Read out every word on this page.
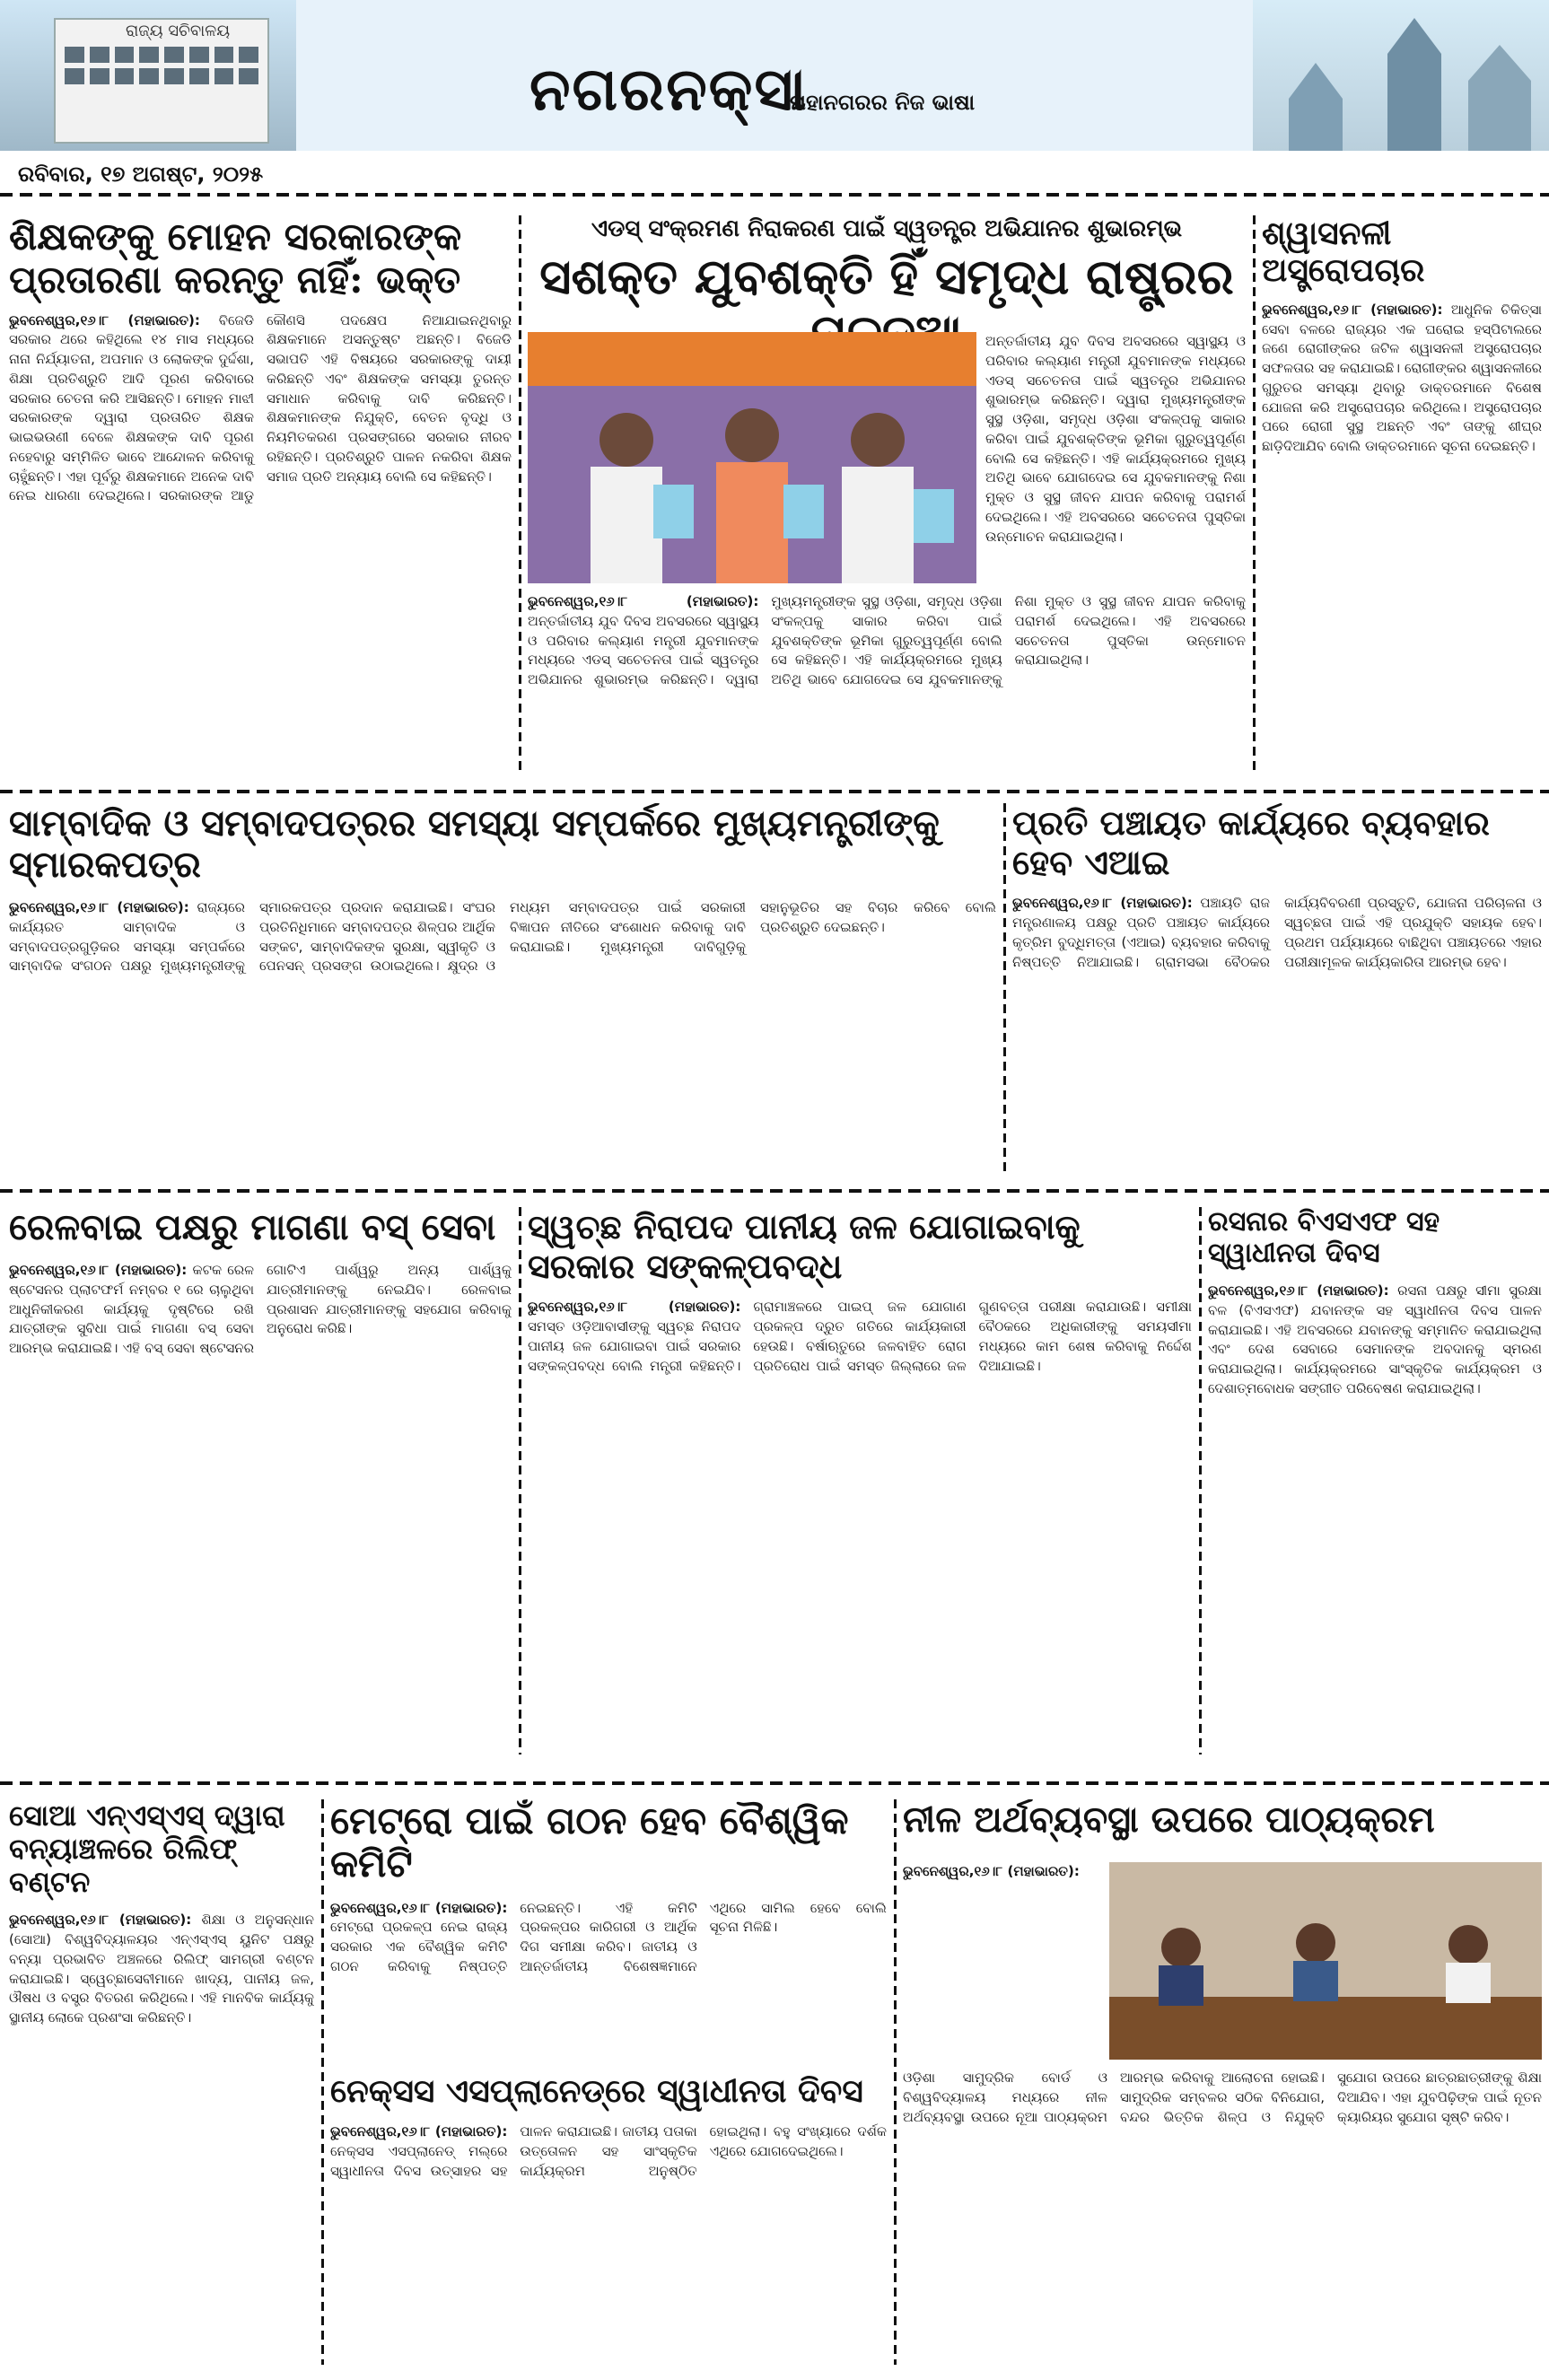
ରାଜ୍ୟ ସଚିବାଳୟ
ନଗରନକ୍ସା
ମହାନଗରର ନିଜ ଭାଷା
ରବିବାର, ୧୭ ଅଗଷ୍ଟ, ୨୦୨୫
ଶିକ୍ଷକଙ୍କୁ ମୋହନ ସରକାରଙ୍କ ପ୍ରତାରଣା କରନ୍ତୁ ନାହିଁ: ଭକ୍ତ
ଭୁବନେଶ୍ୱର,୧୬।୮ (ମହାଭାରତ): ବିଜେଡି ସରକାର ଥରେ କହିଥିଲେ ୧୪ ମାସ ମଧ୍ୟରେ ନାନା ନିର୍ଯ୍ୟାତନା, ଅପମାନ ଓ ଲୋକଙ୍କ ଦୁର୍ଦ୍ଦଶା, ଶିକ୍ଷା ପ୍ରତିଶ୍ରୁତି ଆଦି ପୂରଣ କରିବାରେ ସରକାର ଚେତନା କରି ଆସିଛନ୍ତି। ମୋହନ ମାଝୀ ସରକାରଙ୍କ ଦ୍ୱାରା ପ୍ରତାରିତ ଶିକ୍ଷକ ଭାଇଭଉଣୀ ବେଳେ ଶିକ୍ଷକଙ୍କ ଦାବି ପୂରଣ ନହେବାରୁ ସମ୍ମିଳିତ ଭାବେ ଆନ୍ଦୋଳନ କରିବାକୁ ଚାହୁଁଛନ୍ତି। ଏହା ପୂର୍ବରୁ ଶିକ୍ଷକମାନେ ଅନେକ ଦାବି ନେଇ ଧାରଣା ଦେଇଥିଲେ। ସରକାରଙ୍କ ଆଡୁ କୌଣସି ପଦକ୍ଷେପ ନିଆଯାଇନଥିବାରୁ ଶିକ୍ଷକମାନେ ଅସନ୍ତୁଷ୍ଟ ଅଛନ୍ତି। ବିଜେଡି ସଭାପତି ଏହି ବିଷୟରେ ସରକାରଙ୍କୁ ଦାୟୀ କରିଛନ୍ତି ଏବଂ ଶିକ୍ଷକଙ୍କ ସମସ୍ୟା ତୁରନ୍ତ ସମାଧାନ କରିବାକୁ ଦାବି କରିଛନ୍ତି। ଶିକ୍ଷକମାନଙ୍କ ନିଯୁକ୍ତି, ବେତନ ବୃଦ୍ଧି ଓ ନିୟମିତକରଣ ପ୍ରସଙ୍ଗରେ ସରକାର ନୀରବ ରହିଛନ୍ତି। ପ୍ରତିଶ୍ରୁତି ପାଳନ ନକରିବା ଶିକ୍ଷକ ସମାଜ ପ୍ରତି ଅନ୍ୟାୟ ବୋଲି ସେ କହିଛନ୍ତି।
ଏଡସ୍ ସଂକ୍ରମଣ ନିରାକରଣ ପାଇଁ ସ୍ୱତନ୍ତ୍ର ଅଭିଯାନର ଶୁଭାରମ୍ଭ
ସଶକ୍ତ ଯୁବଶକ୍ତି ହିଁ ସମୃଦ୍ଧ ରାଷ୍ଟ୍ରର
ଅନ୍ତର୍ଜାତୀୟ ଯୁବ ଦିବସ ଅବସରରେ ସ୍ୱାସ୍ଥ୍ୟ ଓ ପରିବାର କଲ୍ୟାଣ ମନ୍ତ୍ରୀ ଯୁବମାନଙ୍କ ମଧ୍ୟରେ ଏଡସ୍ ସଚେତନତା ପାଇଁ ସ୍ୱତନ୍ତ୍ର ଅଭିଯାନର ଶୁଭାରମ୍ଭ କରିଛନ୍ତି। ଦ୍ୱାରା ମୁଖ୍ୟମନ୍ତ୍ରୀଙ୍କ ସୁସ୍ଥ ଓଡ଼ିଶା, ସମୃଦ୍ଧ ଓଡ଼ିଶା ସଂକଳ୍ପକୁ ସାକାର କରିବା ପାଇଁ ଯୁବଶକ୍ତିଙ୍କ ଭୂମିକା ଗୁରୁତ୍ୱପୂର୍ଣ୍ଣ ବୋଲି ସେ କହିଛନ୍ତି। ଏହି କାର୍ଯ୍ୟକ୍ରମରେ ମୁଖ୍ୟ ଅତିଥି ଭାବେ ଯୋଗଦେଇ ସେ ଯୁବକମାନଙ୍କୁ ନିଶା ମୁକ୍ତ ଓ ସୁସ୍ଥ ଜୀବନ ଯାପନ କରିବାକୁ ପରାମର୍ଶ ଦେଇଥିଲେ। ଏହି ଅବସରରେ ସଚେତନତା ପୁସ୍ତିକା ଉନ୍ମୋଚନ କରାଯାଇଥିଲା।
ଭୁବନେଶ୍ୱର,୧୬।୮ (ମହାଭାରତ): ଅନ୍ତର୍ଜାତୀୟ ଯୁବ ଦିବସ ଅବସରରେ ସ୍ୱାସ୍ଥ୍ୟ ଓ ପରିବାର କଲ୍ୟାଣ ମନ୍ତ୍ରୀ ଯୁବମାନଙ୍କ ମଧ୍ୟରେ ଏଡସ୍ ସଚେତନତା ପାଇଁ ସ୍ୱତନ୍ତ୍ର ଅଭିଯାନର ଶୁଭାରମ୍ଭ କରିଛନ୍ତି। ଦ୍ୱାରା ମୁଖ୍ୟମନ୍ତ୍ରୀଙ୍କ ସୁସ୍ଥ ଓଡ଼ିଶା, ସମୃଦ୍ଧ ଓଡ଼ିଶା ସଂକଳ୍ପକୁ ସାକାର କରିବା ପାଇଁ ଯୁବଶକ୍ତିଙ୍କ ଭୂମିକା ଗୁରୁତ୍ୱପୂର୍ଣ୍ଣ ବୋଲି ସେ କହିଛନ୍ତି। ଏହି କାର୍ଯ୍ୟକ୍ରମରେ ମୁଖ୍ୟ ଅତିଥି ଭାବେ ଯୋଗଦେଇ ସେ ଯୁବକମାନଙ୍କୁ ନିଶା ମୁକ୍ତ ଓ ସୁସ୍ଥ ଜୀବନ ଯାପନ କରିବାକୁ ପରାମର୍ଶ ଦେଇଥିଲେ। ଏହି ଅବସରରେ ସଚେତନତା ପୁସ୍ତିକା ଉନ୍ମୋଚନ କରାଯାଇଥିଲା।
ଶ୍ୱାସନଳୀ ଅସ୍ତ୍ରୋପଚାର
ଭୁବନେଶ୍ୱର,୧୬।୮ (ମହାଭାରତ): ଆଧୁନିକ ଚିକିତ୍ସା ସେବା ବଳରେ ରାଜ୍ୟର ଏକ ଘରୋଇ ହସ୍ପିଟାଲରେ ଜଣେ ରୋଗୀଙ୍କର ଜଟିଳ ଶ୍ୱାସନଳୀ ଅସ୍ତ୍ରୋପଚାର ସଫଳତାର ସହ କରାଯାଇଛି। ରୋଗୀଙ୍କର ଶ୍ୱାସନଳୀରେ ଗୁରୁତର ସମସ୍ୟା ଥିବାରୁ ଡାକ୍ତରମାନେ ବିଶେଷ ଯୋଜନା କରି ଅସ୍ତ୍ରୋପଚାର କରିଥିଲେ। ଅସ୍ତ୍ରୋପଚାର ପରେ ରୋଗୀ ସୁସ୍ଥ ଅଛନ୍ତି ଏବଂ ତାଙ୍କୁ ଶୀଘ୍ର ଛାଡ଼ିଦିଆଯିବ ବୋଲି ଡାକ୍ତରମାନେ ସୂଚନା ଦେଇଛନ୍ତି।
ସାମ୍ବାଦିକ ଓ ସମ୍ବାଦପତ୍ରର ସମସ୍ୟା ସମ୍ପର୍କରେ ମୁଖ୍ୟମନ୍ତ୍ରୀଙ୍କୁ ସ୍ମାରକପତ୍ର
ଭୁବନେଶ୍ୱର,୧୬।୮ (ମହାଭାରତ): ରାଜ୍ୟରେ କାର୍ଯ୍ୟରତ ସାମ୍ବାଦିକ ଓ ସମ୍ବାଦପତ୍ରଗୁଡ଼ିକର ସମସ୍ୟା ସମ୍ପର୍କରେ ସାମ୍ବାଦିକ ସଂଗଠନ ପକ୍ଷରୁ ମୁଖ୍ୟମନ୍ତ୍ରୀଙ୍କୁ ସ୍ମାରକପତ୍ର ପ୍ରଦାନ କରାଯାଇଛି। ସଂଘର ପ୍ରତିନିଧିମାନେ ସମ୍ବାଦପତ୍ର ଶିଳ୍ପର ଆର୍ଥିକ ସଙ୍କଟ, ସାମ୍ବାଦିକଙ୍କ ସୁରକ୍ଷା, ସ୍ୱୀକୃତି ଓ ପେନସନ୍ ପ୍ରସଙ୍ଗ ଉଠାଇଥିଲେ। କ୍ଷୁଦ୍ର ଓ ମଧ୍ୟମ ସମ୍ବାଦପତ୍ର ପାଇଁ ସରକାରୀ ବିଜ୍ଞାପନ ନୀତିରେ ସଂଶୋଧନ କରିବାକୁ ଦାବି କରାଯାଇଛି। ମୁଖ୍ୟମନ୍ତ୍ରୀ ଦାବିଗୁଡ଼ିକୁ ସହାନୁଭୂତିର ସହ ବିଚାର କରିବେ ବୋଲି ପ୍ରତିଶ୍ରୁତି ଦେଇଛନ୍ତି।
ପ୍ରତି ପଞ୍ଚାୟତ କାର୍ଯ୍ୟରେ ବ୍ୟବହାର ହେବ ଏଆଇ
ଭୁବନେଶ୍ୱର,୧୬।୮ (ମହାଭାରତ): ପଞ୍ଚାୟତି ରାଜ ମନ୍ତ୍ରଣାଳୟ ପକ୍ଷରୁ ପ୍ରତି ପଞ୍ଚାୟତ କାର୍ଯ୍ୟରେ କୃତ୍ରିମ ବୁଦ୍ଧିମତ୍ତା (ଏଆଇ) ବ୍ୟବହାର କରିବାକୁ ନିଷ୍ପତ୍ତି ନିଆଯାଇଛି। ଗ୍ରାମସଭା ବୈଠକର କାର୍ଯ୍ୟବିବରଣୀ ପ୍ରସ୍ତୁତି, ଯୋଜନା ପରିଚାଳନା ଓ ସ୍ୱଚ୍ଛତା ପାଇଁ ଏହି ପ୍ରଯୁକ୍ତି ସହାୟକ ହେବ। ପ୍ରଥମ ପର୍ଯ୍ୟାୟରେ ବାଛିଥିବା ପଞ୍ଚାୟତରେ ଏହାର ପରୀକ୍ଷାମୂଳକ କାର୍ଯ୍ୟକାରିତା ଆରମ୍ଭ ହେବ।
ରେଳବାଇ ପକ୍ଷରୁ ମାଗଣା ବସ୍ ସେବା
ଭୁବନେଶ୍ୱର,୧୬।୮ (ମହାଭାରତ): କଟକ ରେଳ ଷ୍ଟେସନର ପ୍ଲାଟଫର୍ମ ନମ୍ବର ୧ ରେ ଚାଲୁଥିବା ଆଧୁନିକୀକରଣ କାର୍ଯ୍ୟକୁ ଦୃଷ୍ଟିରେ ରଖି ଯାତ୍ରୀଙ୍କ ସୁବିଧା ପାଇଁ ମାଗଣା ବସ୍ ସେବା ଆରମ୍ଭ କରାଯାଇଛି। ଏହି ବସ୍ ସେବା ଷ୍ଟେସନର ଗୋଟିଏ ପାର୍ଶ୍ୱରୁ ଅନ୍ୟ ପାର୍ଶ୍ୱକୁ ଯାତ୍ରୀମାନଙ୍କୁ ନେଇଯିବ। ରେଳବାଇ ପ୍ରଶାସନ ଯାତ୍ରୀମାନଙ୍କୁ ସହଯୋଗ କରିବାକୁ ଅନୁରୋଧ କରିଛି।
ସ୍ୱଚ୍ଛ ନିରାପଦ ପାନୀୟ ଜଳ ଯୋଗାଇବାକୁ ସରକାର ସଙ୍କଳ୍ପବଦ୍ଧ
ଭୁବନେଶ୍ୱର,୧୬।୮ (ମହାଭାରତ): ସମସ୍ତ ଓଡ଼ିଆବାସୀଙ୍କୁ ସ୍ୱଚ୍ଛ ନିରାପଦ ପାନୀୟ ଜଳ ଯୋଗାଇବା ପାଇଁ ସରକାର ସଙ୍କଳ୍ପବଦ୍ଧ ବୋଲି ମନ୍ତ୍ରୀ କହିଛନ୍ତି। ଗ୍ରାମାଞ୍ଚଳରେ ପାଇପ୍ ଜଳ ଯୋଗାଣ ପ୍ରକଳ୍ପ ଦ୍ରୁତ ଗତିରେ କାର୍ଯ୍ୟକାରୀ ହେଉଛି। ବର୍ଷାଋତୁରେ ଜଳବାହିତ ରୋଗ ପ୍ରତିରୋଧ ପାଇଁ ସମସ୍ତ ଜିଲ୍ଲାରେ ଜଳ ଗୁଣବତ୍ତା ପରୀକ୍ଷା କରାଯାଉଛି। ସମୀକ୍ଷା ବୈଠକରେ ଅଧିକାରୀଙ୍କୁ ସମୟସୀମା ମଧ୍ୟରେ କାମ ଶେଷ କରିବାକୁ ନିର୍ଦ୍ଦେଶ ଦିଆଯାଇଛି।
ରସନାର ବିଏସଏଫ ସହ ସ୍ୱାଧୀନତା ଦିବସ
ଭୁବନେଶ୍ୱର,୧୬।୮ (ମହାଭାରତ): ରସନା ପକ୍ଷରୁ ସୀମା ସୁରକ୍ଷା ବଳ (ବିଏସଏଫ) ଯବାନଙ୍କ ସହ ସ୍ୱାଧୀନତା ଦିବସ ପାଳନ କରାଯାଇଛି। ଏହି ଅବସରରେ ଯବାନଙ୍କୁ ସମ୍ମାନିତ କରାଯାଇଥିଲା ଏବଂ ଦେଶ ସେବାରେ ସେମାନଙ୍କ ଅବଦାନକୁ ସ୍ମରଣ କରାଯାଇଥିଲା। କାର୍ଯ୍ୟକ୍ରମରେ ସାଂସ୍କୃତିକ କାର୍ଯ୍ୟକ୍ରମ ଓ ଦେଶାତ୍ମବୋଧକ ସଙ୍ଗୀତ ପରିବେଷଣ କରାଯାଇଥିଲା।
ସୋଆ ଏନ୍‌ଏସ୍‌ଏସ୍ ଦ୍ୱାରା ବନ୍ୟାଞ୍ଚଳରେ ରିଲିଫ୍ ବଣ୍ଟନ
ଭୁବନେଶ୍ୱର,୧୬।୮ (ମହାଭାରତ): ଶିକ୍ଷା ଓ ଅନୁସନ୍ଧାନ (ସୋଆ) ବିଶ୍ୱବିଦ୍ୟାଳୟର ଏନ୍‌ଏସ୍‌ଏସ୍ ୟୁନିଟ ପକ୍ଷରୁ ବନ୍ୟା ପ୍ରଭାବିତ ଅଞ୍ଚଳରେ ରିଲିଫ୍ ସାମଗ୍ରୀ ବଣ୍ଟନ କରାଯାଇଛି। ସ୍ୱେଚ୍ଛାସେବୀମାନେ ଖାଦ୍ୟ, ପାନୀୟ ଜଳ, ଔଷଧ ଓ ବସ୍ତ୍ର ବିତରଣ କରିଥିଲେ। ଏହି ମାନବିକ କାର୍ଯ୍ୟକୁ ସ୍ଥାନୀୟ ଲୋକେ ପ୍ରଶଂସା କରିଛନ୍ତି।
ମେଟ୍ରୋ ପାଇଁ ଗଠନ ହେବ ବୈଶ୍ୱିକ କମିଟି
ଭୁବନେଶ୍ୱର,୧୬।୮ (ମହାଭାରତ): ମେଟ୍ରୋ ପ୍ରକଳ୍ପ ନେଇ ରାଜ୍ୟ ସରକାର ଏକ ବୈଶ୍ୱିକ କମିଟି ଗଠନ କରିବାକୁ ନିଷ୍ପତ୍ତି ନେଇଛନ୍ତି। ଏହି କମିଟି ପ୍ରକଳ୍ପର କାରିଗରୀ ଓ ଆର୍ଥିକ ଦିଗ ସମୀକ୍ଷା କରିବ। ଜାତୀୟ ଓ ଆନ୍ତର୍ଜାତୀୟ ବିଶେଷଜ୍ଞମାନେ ଏଥିରେ ସାମିଲ ହେବେ ବୋଲି ସୂଚନା ମିଳିଛି।
ନେକ୍ସସ ଏସପ୍ଲାନେଡ୍‌ରେ ସ୍ୱାଧୀନତା ଦିବସ
ଭୁବନେଶ୍ୱର,୧୬।୮ (ମହାଭାରତ): ନେକ୍ସସ ଏସପ୍ଲାନେଡ୍ ମଲ୍‌ରେ ସ୍ୱାଧୀନତା ଦିବସ ଉତ୍ସାହର ସହ ପାଳନ କରାଯାଇଛି। ଜାତୀୟ ପତାକା ଉତ୍ତୋଳନ ସହ ସାଂସ୍କୃତିକ କାର୍ଯ୍ୟକ୍ରମ ଅନୁଷ୍ଠିତ ହୋଇଥିଲା। ବହୁ ସଂଖ୍ୟାରେ ଦର୍ଶକ ଏଥିରେ ଯୋଗଦେଇଥିଲେ।
ନୀଳ ଅର୍ଥବ୍ୟବସ୍ଥା ଉପରେ ପାଠ୍ୟକ୍ରମ
ଭୁବନେଶ୍ୱର,୧୬।୮ (ମହାଭାରତ):
ଓଡ଼ିଶା ସାମୁଦ୍ରିକ ବୋର୍ଡ ଓ ବିଶ୍ୱବିଦ୍ୟାଳୟ ମଧ୍ୟରେ ନୀଳ ଅର୍ଥବ୍ୟବସ୍ଥା ଉପରେ ନୂଆ ପାଠ୍ୟକ୍ରମ ଆରମ୍ଭ କରିବାକୁ ଆଲୋଚନା ହୋଇଛି। ସାମୁଦ୍ରିକ ସମ୍ବଳର ସଠିକ ବିନିଯୋଗ, ବନ୍ଦର ଭିତ୍ତିକ ଶିଳ୍ପ ଓ ନିଯୁକ୍ତି ସୁଯୋଗ ଉପରେ ଛାତ୍ରଛାତ୍ରୀଙ୍କୁ ଶିକ୍ଷା ଦିଆଯିବ। ଏହା ଯୁବପିଢ଼ିଙ୍କ ପାଇଁ ନୂତନ କ୍ୟାରିୟର ସୁଯୋଗ ସୃଷ୍ଟି କରିବ।
